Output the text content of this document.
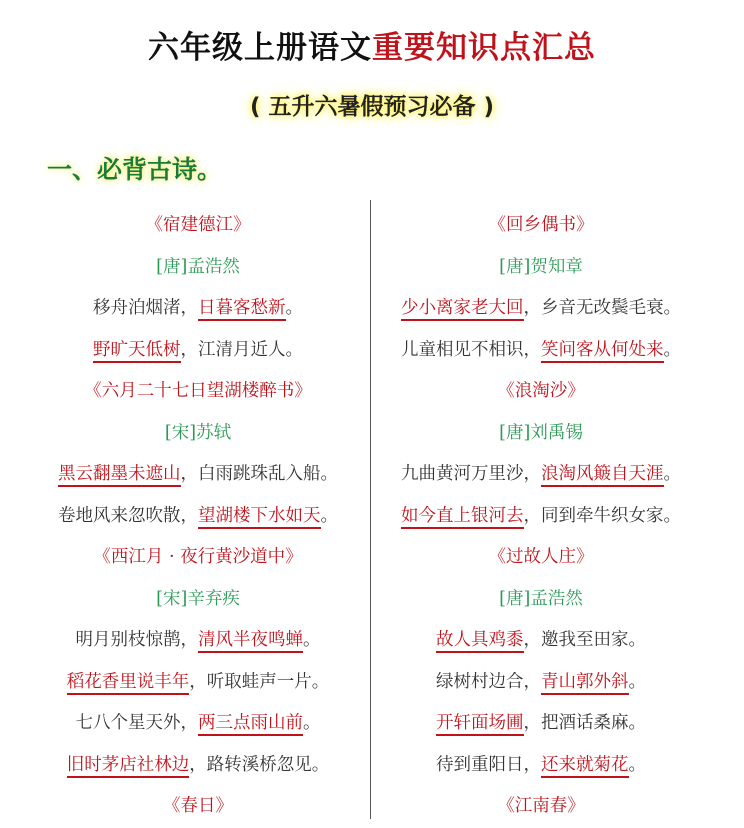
六年级上册语文重要知识点汇总
( 五升六暑假预习必备 )
一、必背古诗。
《宿建德江》
[唐]孟浩然
移舟泊烟渚，日暮客愁新。
野旷天低树，江清月近人。
《六月二十七日望湖楼醉书》
[宋]苏轼
黑云翻墨未遮山，白雨跳珠乱入船。
卷地风来忽吹散，望湖楼下水如天。
《西江月 · 夜行黄沙道中》
[宋]辛弃疾
明月别枝惊鹊，清风半夜鸣蝉。
稻花香里说丰年，听取蛙声一片。
七八个星天外，两三点雨山前。
旧时茅店社林边，路转溪桥忽见。
《春日》
《回乡偶书》
[唐]贺知章
少小离家老大回，乡音无改鬓毛衰。
儿童相见不相识，笑问客从何处来。
《浪淘沙》
[唐]刘禹锡
九曲黄河万里沙，浪淘风簸自天涯。
如今直上银河去，同到牵牛织女家。
《过故人庄》
[唐]孟浩然
故人具鸡黍，邀我至田家。
绿树村边合，青山郭外斜。
开轩面场圃，把酒话桑麻。
待到重阳日，还来就菊花。
《江南春》
